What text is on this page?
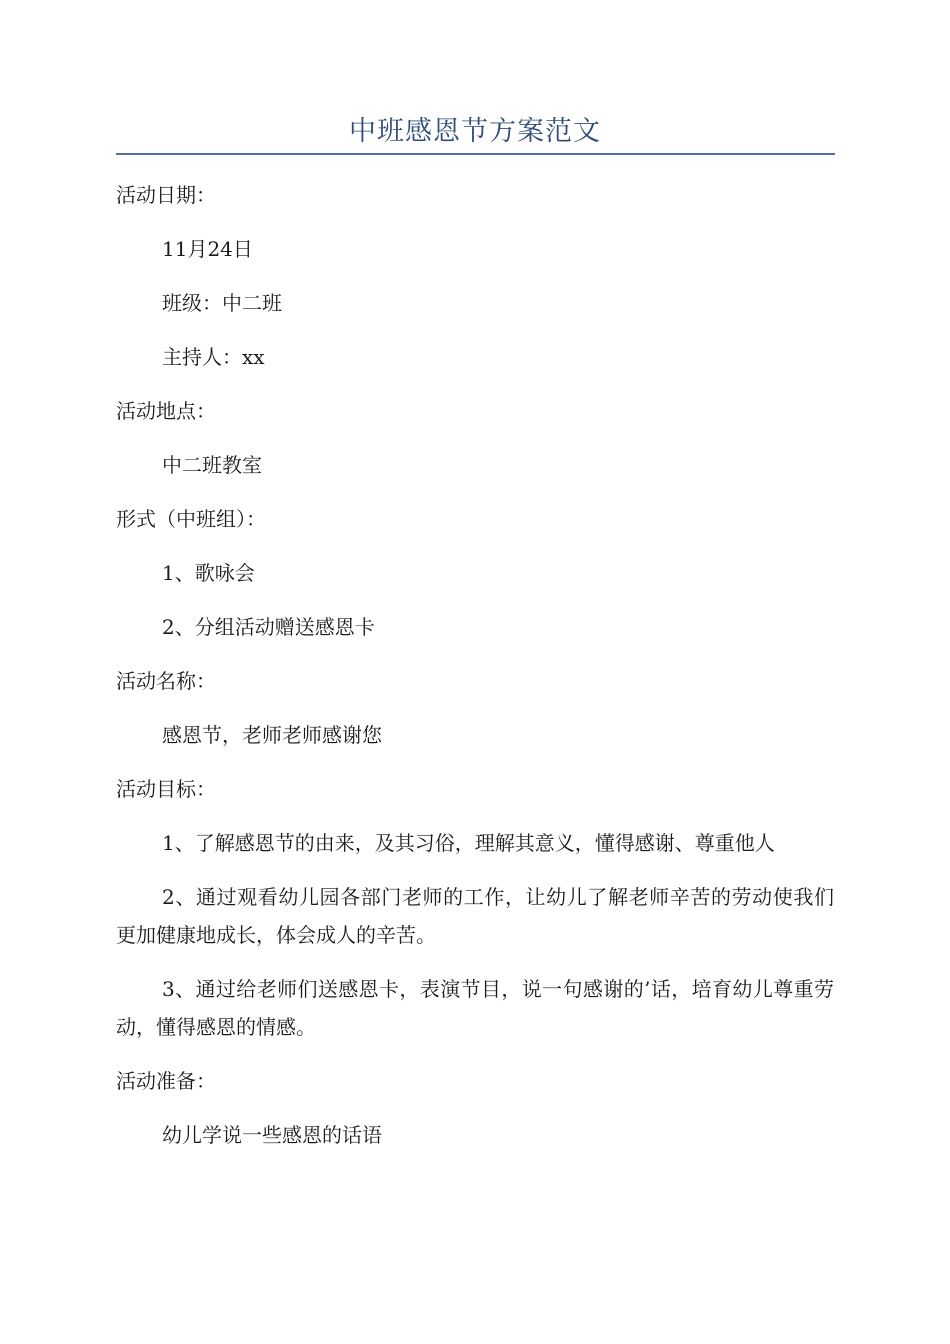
中班感恩节方案范文

活动日期：

11月24日

班级：中二班

主持人：xx

活动地点：

中二班教室

形式（中班组）：

1、歌咏会

2、分组活动赠送感恩卡

活动名称：

感恩节，老师老师感谢您

活动目标：

1、了解感恩节的由来，及其习俗，理解其意义，懂得感谢、尊重他人

2、通过观看幼儿园各部门老师的工作，让幼儿了解老师辛苦的劳动使我们更加健康地成长，体会成人的辛苦。

3、通过给老师们送感恩卡，表演节目，说一句感谢的’话，培育幼儿尊重劳动，懂得感恩的情感。

活动准备：

幼儿学说一些感恩的话语
